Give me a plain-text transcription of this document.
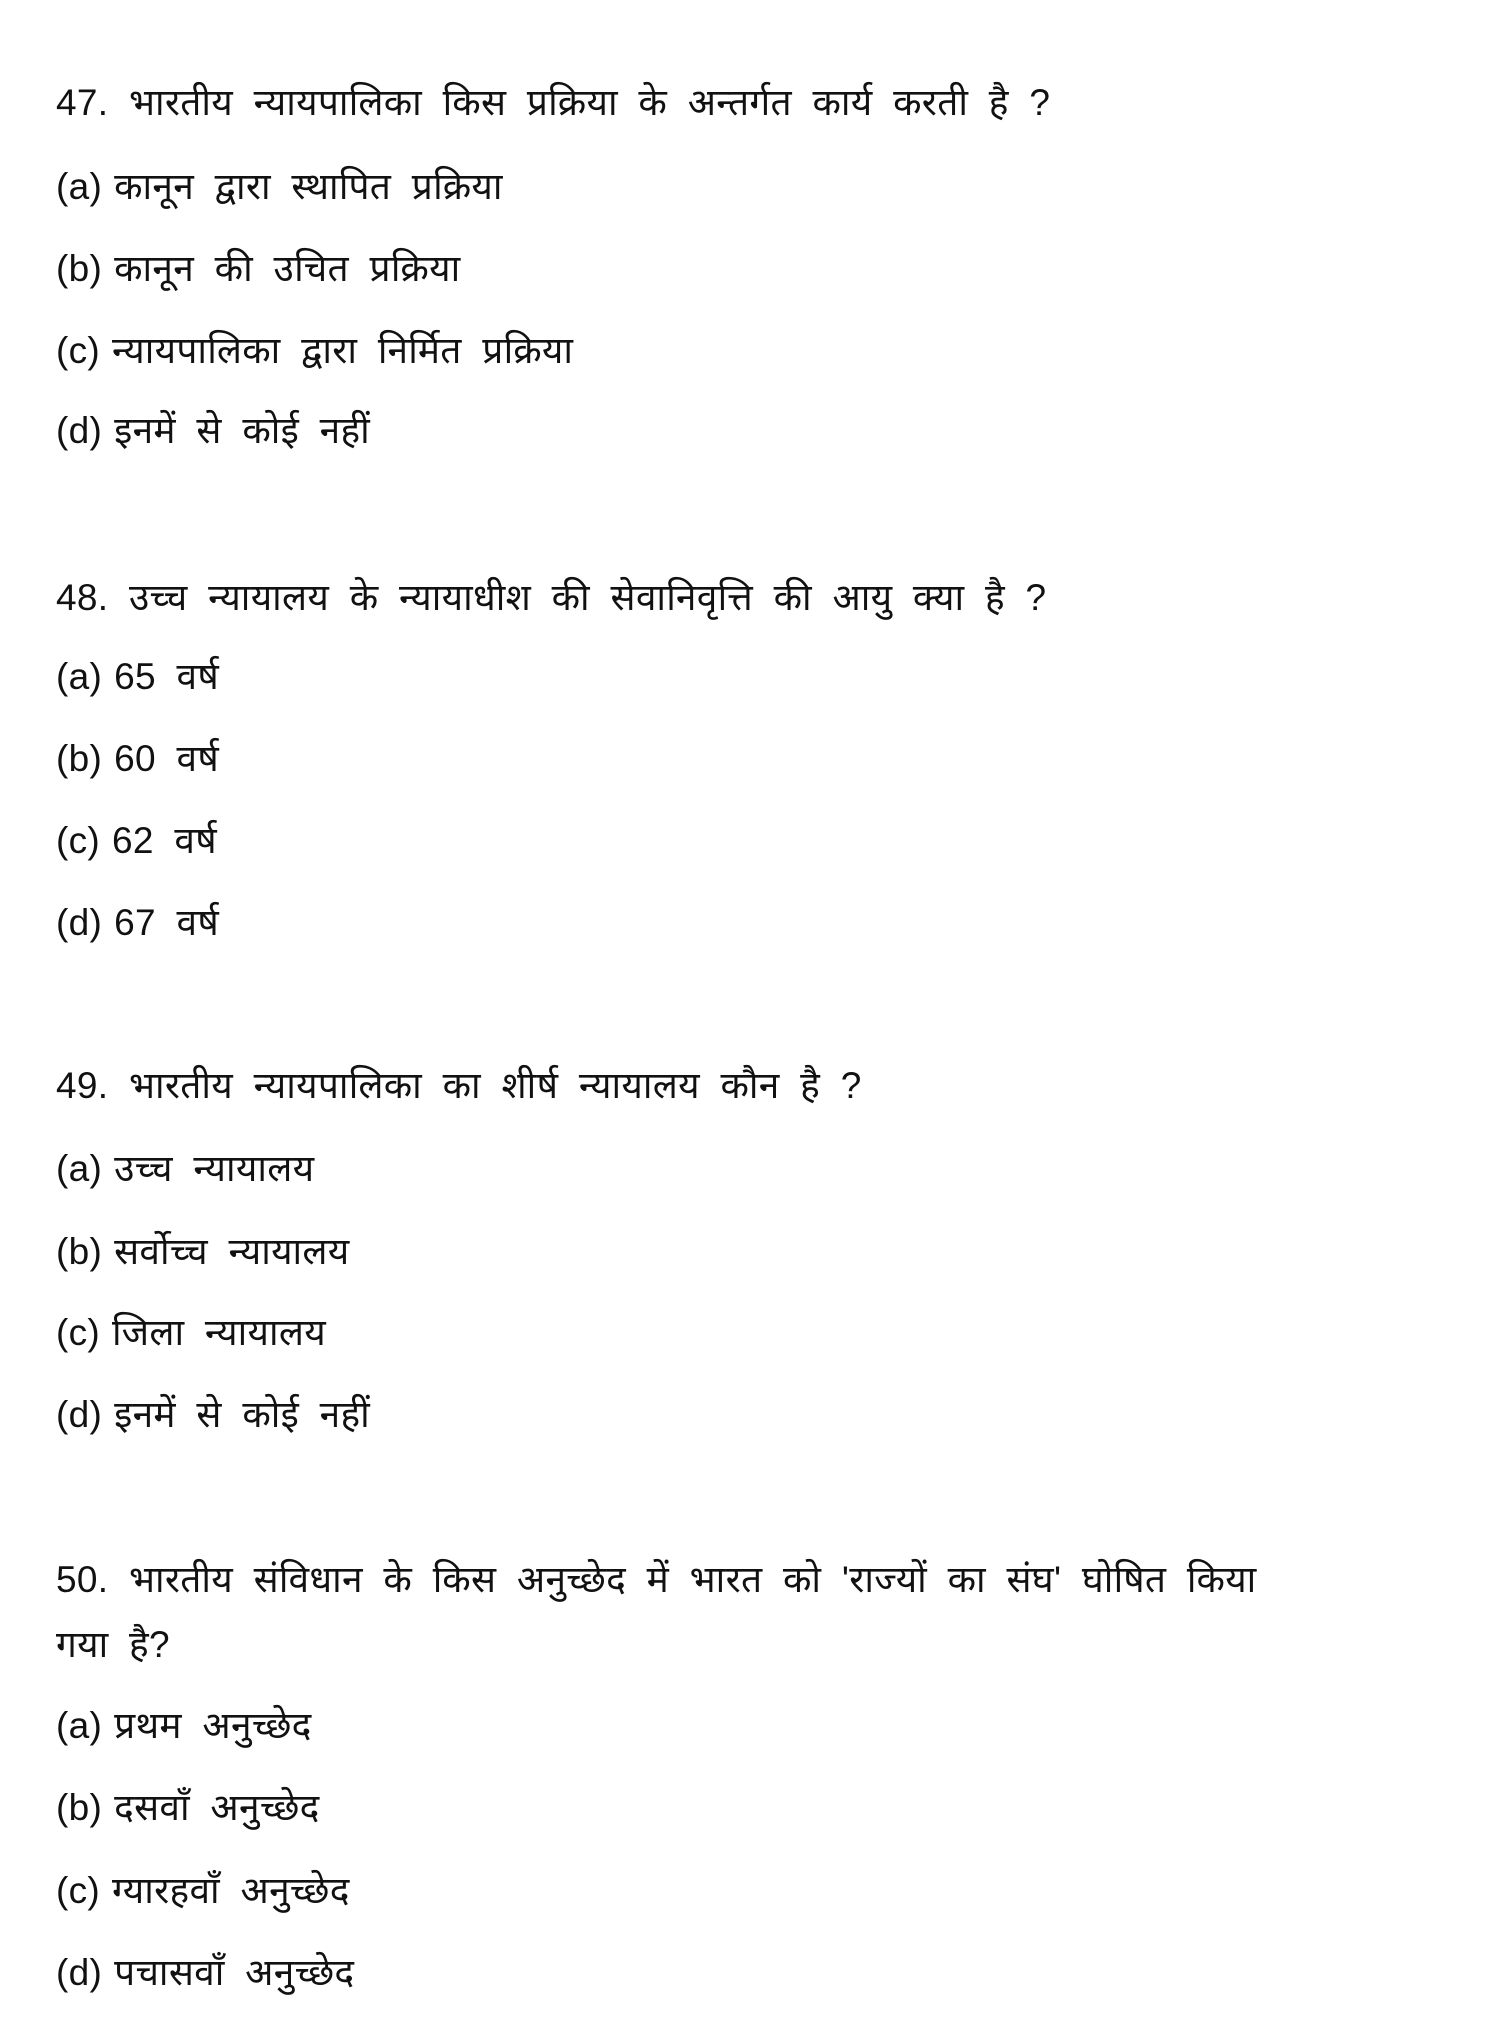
47. भारतीय न्यायपालिका किस प्रक्रिया के अन्तर्गत कार्य करती है ?
(a) कानून द्वारा स्थापित प्रक्रिया
(b) कानून की उचित प्रक्रिया
(c) न्यायपालिका द्वारा निर्मित प्रक्रिया
(d) इनमें से कोई नहीं
48. उच्च न्यायालय के न्यायाधीश की सेवानिवृत्ति की आयु क्या है ?
(a) 65 वर्ष
(b) 60 वर्ष
(c) 62 वर्ष
(d) 67 वर्ष
49. भारतीय न्यायपालिका का शीर्ष न्यायालय कौन है ?
(a) उच्च न्यायालय
(b) सर्वोच्च न्यायालय
(c) जिला न्यायालय
(d) इनमें से कोई नहीं
50. भारतीय संविधान के किस अनुच्छेद में भारत को 'राज्यों का संघ' घोषित किया
गया है?
(a) प्रथम अनुच्छेद
(b) दसवाँ अनुच्छेद
(c) ग्यारहवाँ अनुच्छेद
(d) पचासवाँ अनुच्छेद
